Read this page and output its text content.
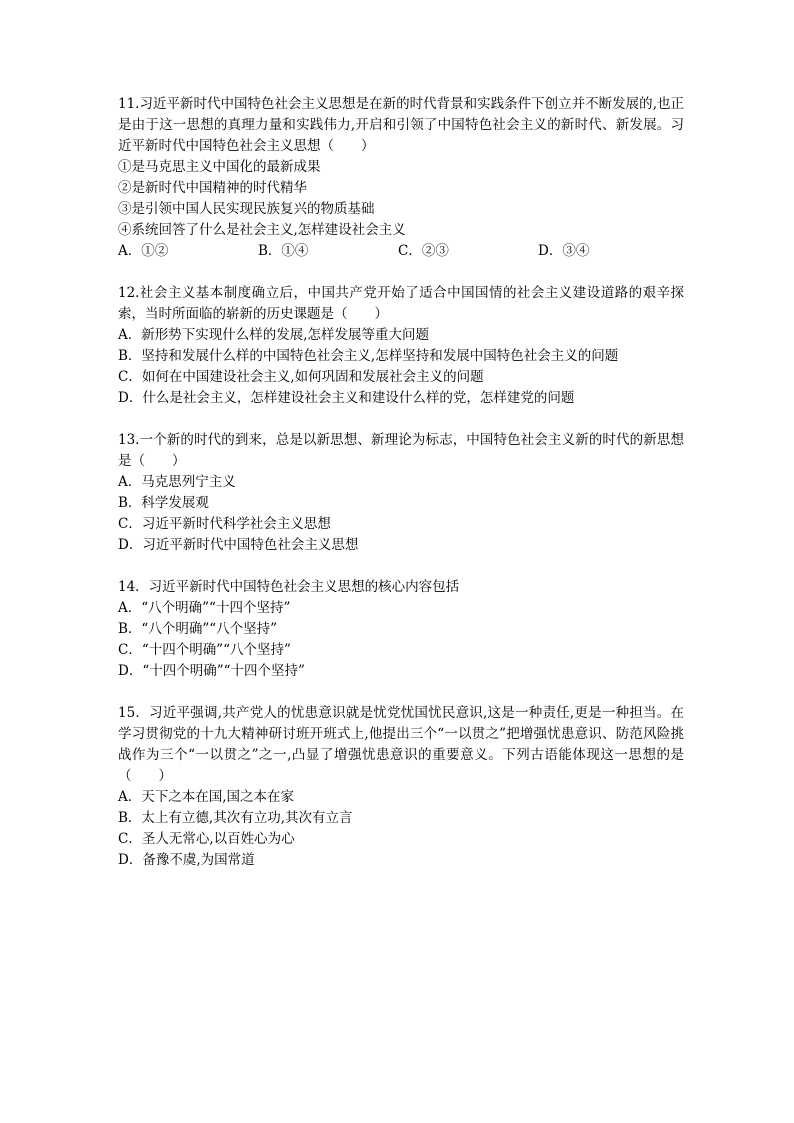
11.习近平新时代中国特色社会主义思想是在新的时代背景和实践条件下创立并不断发展的,也正是由于这一思想的真理力量和实践伟力,开启和引领了中国特色社会主义的新时代、新发展。习近平新时代中国特色社会主义思想（　　）
①是马克思主义中国化的最新成果
②是新时代中国精神的时代精华
③是引领中国人民实现民族复兴的物质基础
④系统回答了什么是社会主义,怎样建设社会主义
A．①②	B．①④	C．②③	D．③④
12.社会主义基本制度确立后，中国共产党开始了适合中国国情的社会主义建设道路的艰辛探索，当时所面临的崭新的历史课题是（　　）
A．新形势下实现什么样的发展,怎样发展等重大问题
B．坚持和发展什么样的中国特色社会主义,怎样坚持和发展中国特色社会主义的问题
C．如何在中国建设社会主义,如何巩固和发展社会主义的问题
D．什么是社会主义，怎样建设社会主义和建设什么样的党，怎样建党的问题
13.一个新的时代的到来，总是以新思想、新理论为标志，中国特色社会主义新的时代的新思想是（　　）
A．马克思列宁主义
B．科学发展观
C．习近平新时代科学社会主义思想
D．习近平新时代中国特色社会主义思想
14．习近平新时代中国特色社会主义思想的核心内容包括
A．“八个明确”“十四个坚持”
B．“八个明确”“八个坚持”
C．“十四个明确”“八个坚持”
D．“十四个明确”“十四个坚持”
15．习近平强调,共产党人的忧患意识就是忧党忧国忧民意识,这是一种责任,更是一种担当。在学习贯彻党的十九大精神研讨班开班式上,他提出三个“一以贯之”把增强忧患意识、防范风险挑战作为三个“一以贯之”之一,凸显了增强忧患意识的重要意义。下列古语能体现这一思想的是（　　）
A．天下之本在国,国之本在家
B．太上有立德,其次有立功,其次有立言
C．圣人无常心,以百姓心为心
D．备豫不虞,为国常道
